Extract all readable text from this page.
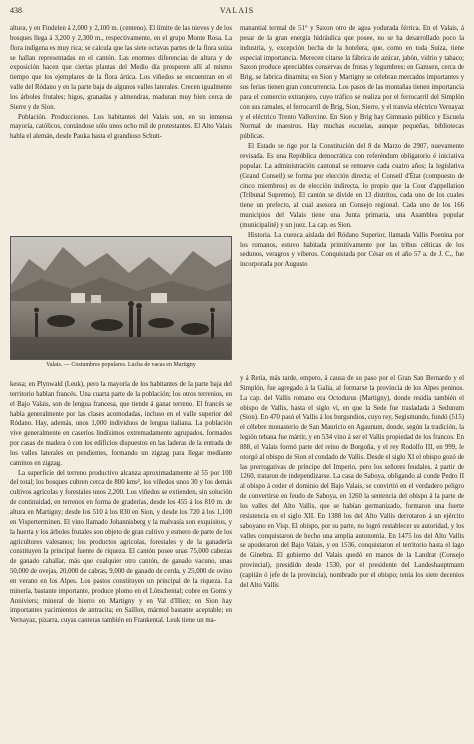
438	VALAIS

altura, y en Findelen á 2,000 y 2,100 m. (centeno). El límite de las nieves y de los bosques llega á 3,200 y 2,300 m., respectivamente, en el grupo Monte Rosa. La flora indígena es muy rica; se calcula que las siete octavas partes de la flora suiza se hallan representadas en el cantón. Las enormes diferencias de altura y de exposición hacen que ciertas plantas del Medio día prosperen allí al mismo tiempo que los ejemplares de la flora ártica. Los viñedos se encuentran en el valle del Ródano y en la parte baja de algunos valles laterales. Crecen igualmente los árboles frutales; higos, granadas y almendras, maduran muy bien cerca de Sierre y de Sion.

Población. Producciones. Los habitantes del Valais son, en su inmensa mayoría, católicos, contándose sólo unos ocho mil de protestantes. El Alto Valais habla el alemán, desde Pauka hasta el grandioso Schutt-

manantial termal de 51° y Saxon otro de agua yodurada férrica. En el Valais, á pesar de la gran energía hidráulica que posee, no se ha desarrollado poco la industria, y, excepción hecha de la hotelera, que, como en toda Suiza, tiene especial importancia. Merecen citarse la fábrica de azúcar, jabón, vidrio y tabaco; Saxon produce apreciables conservas de frutas y legumbres; en Gamsen, cerca de Brig, se fabrica dinamita; en Sion y Martigny se celebran mercados importantes y sus ferias tienen gran concurrencia. Los pasos de las montañas tienen importancia para el comercio extranjero, cuyo tráfico se realiza por el ferrocarril del Simplón con sus ramales, el ferrocarril de Brig, Sion, Sierre, y el tranvía eléctrico Vernayaz y el eléctrico Trento Vallorcine. En Sion y Brig hay Gimnasio público y Escuela Normal de maestros. Hay muchas escuelas, aunque pequeñas, bibliotecas públicas.

El Estado se rige por la Constitución del 8 de Marzo de 2907, nuevamente revisada. Es una República democrática con referéndum obligatorio é iniciativa popular. La administración cantonal se remueve cada cuatro años; la legislativa (Grand Conseil) se forma por elección directa; el Conseil d'État (compuesto de cinco miembros) es de elección indirecta, lo propio que la Cour d'appellation (Tribunal Supremo). El cantón se divide en 13 distritos, cada uno de los cuales tiene un prefecto, al cual asesora un Consejo regional. Cada uno de los 166 municipios del Valais tiene una Junta primaria, una Asamblea popular (municipalité) y un juez. La cap. es Sion.

Historia. La cuenca aislada del Ródano Superior, llamada Vallis Poenina por los romanos, estuvo habitada primitivamente por las tribus célticas de los sedunos, veragros y viberos. Conquistada por César en el año 57 a. de J. C., fue incorporada por Augusto

Valais. — Costumbres populares. Lucha de vacas en Martigny

kessa; en Plynwald (Leuk), pero la mayoría de los habitantes de la parte baja del territorio hablan francés. Una cuarta parte de la población; los otros terrenios, en el Bajo Valais, son de lengua francesa, que tiende á ganar terreno. El francés se habla generalmente por las clases acomodadas, incluso en el valle superior del Ródano. Hay, además, unos 1,000 individuos de lengua italiana. La población vive generalmente en caseríos lindísimos extremadamente agrupados, formados por casas de madera ó con los edificios dispuestos en las laderas de la entrada de los valles laterales en pendientes, formando un zigzag para llegar mediante caminos en zigzag.

La superficie del terreno productivo alcanza aproximadamente al 55 por 100 del total; los bosques cubren cerca de 800 kms², los viñedos unos 30 y los demás cultivos agrícolas y forestales unos 2,200. Los viñedos se extienden, sin solución de continuidad, en terrenos en forma de graderías, desde los 455 á los 810 m. de altura en Martigny; desde los 510 á los 830 en Sion, y desde los 720 á los 1,100 en Visperterminen. El vino llamado Johannisberg y la malvasía son exquisitos, y la huerta y los árboles frutales son objeto de gran cultivo y esmero de parte de los agricultores valesanos; los productos agrícolas, forestales y de la ganadería constituyen la principal fuente de riqueza. El cantón posee unas 75,000 cabezas de ganado caballar, más que cualquier otro cantón, de ganado vacuno, unas 50,000 de ovejas, 20,000 de cabras, 9,000 de ganado de cerda, y 25,000 de ovino en verano en los Alpes. Los pastos constituyen un principal de la riqueza. La minería, bastante importante, produce plomo en el Lötschental; cobre en Goms y Anniviers; mineral de hierro en Martigny y en Val d'Illiez; en Sion hay importantes yacimientos de antracita; en Saillon, mármol bastante aceptable; en Vernayaz, pizarra, cuyas canteras también en Frankental. Leuk tiene un ma-

y á Retia, más tarde, empero, á causa de su paso por el Gran San Bernardo y el Simplón, fue agregado á la Galia, al formarse la provincia de los Alpes peninos. La cap. del Vallis romano era Octodurus (Martigny), donde residía también el obispo de Vallis, hasta el siglo vi, en que la Sede fue trasladada á Sedunum (Sion). En 470 pasó el Vallis á los burgundios, cuyo rey, Segismundo, fundó (515) el célebre monasterio de San Mauricio en Agaunum, donde, según la tradición, la legión tebana fue mártir, y en 534 vino á ser el Vallis propiedad de los francos. En 888, el Valais formó parte del reino de Borgoña, y el rey Rodolfo III, en 999, le otorgó al obispo de Sion el condado de Vallis. Desde el siglo XI el obispo gozó de las prerrogativas de príncipe del Imperio, pero los señores feudales, á partir de 1260, trataron de independizarse. La casa de Saboya, obligando al conde Pedro II al obispo á ceder el dominio del Bajo Valais, se convirtió en el verdadero peligro de convertirse en feudo de Saboya, en 1260 la sentencia del obispo á la parte de los valles del Alto Vallis, que se habían germanizado, formaron una fuerte resistencia en el siglo XII. En 1388 los del Alto Vallis derrotaron á un ejército saboyano en Visp. El obispo, por su parte, no logró restablecer su autoridad, y los valles conquistaron de hecho una amplia autonomía. En 1475 los del Alto Vallis se apoderaron del Bajo Valais, y en 1536, conquistaron el territorio hasta el lago de Ginebra. El gobierno del Valais quedó en manos de la Landrat (Consejo provincial), presidido desde 1530, por el presidente del Landeshauptmann (capitán ó jefe de la provincia), nombrado por el obispo; tenía los siete decenios del Alto Vallis
